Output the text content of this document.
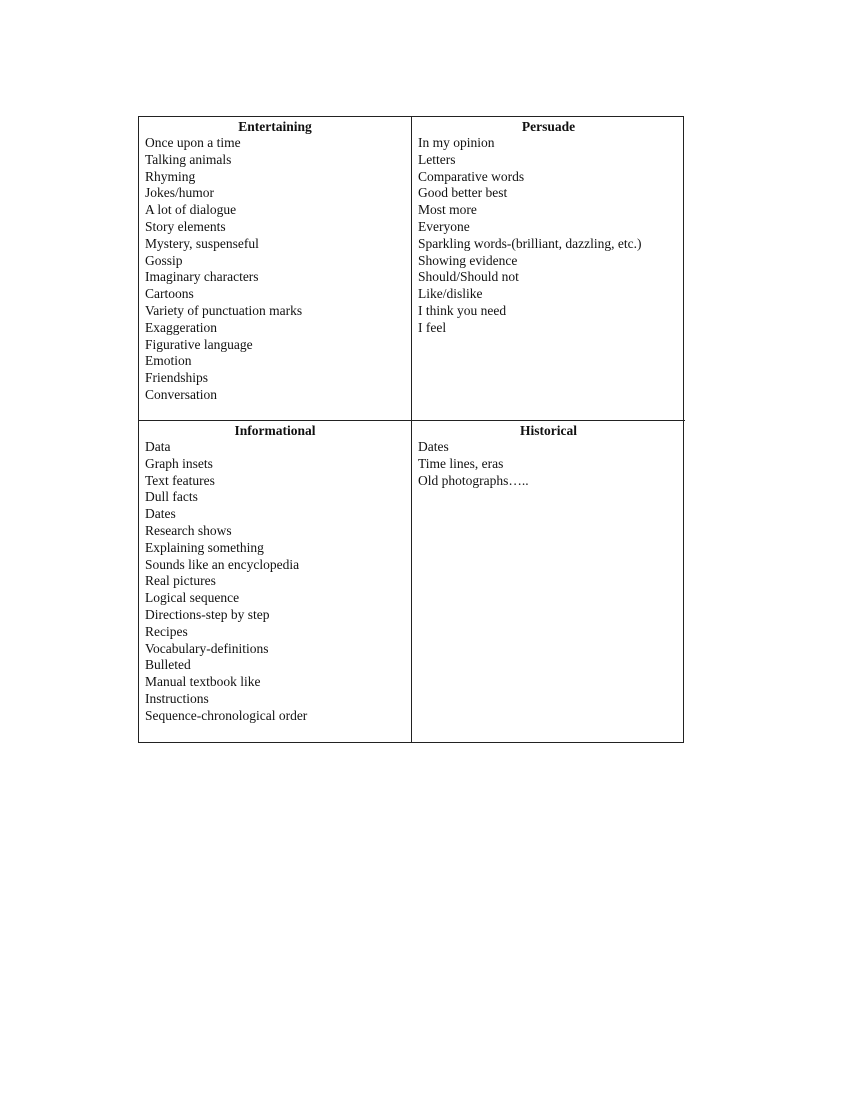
Entertaining
Once upon a time
Talking animals
Rhyming
Jokes/humor
A lot of dialogue
Story elements
Mystery, suspenseful
Gossip
Imaginary characters
Cartoons
Variety of punctuation marks
Exaggeration
Figurative language
Emotion
Friendships
Conversation
Persuade
In my opinion
Letters
Comparative words
Good better best
Most more
Everyone
Sparkling words-(brilliant, dazzling, etc.)
Showing evidence
Should/Should not
Like/dislike
I think you need
I feel
Informational
Data
Graph insets
Text features
Dull facts
Dates
Research shows
Explaining something
Sounds like an encyclopedia
Real pictures
Logical sequence
Directions-step by step
Recipes
Vocabulary-definitions
Bulleted
Manual textbook like
Instructions
Sequence-chronological order
Historical
Dates
Time lines, eras
Old photographs…..
